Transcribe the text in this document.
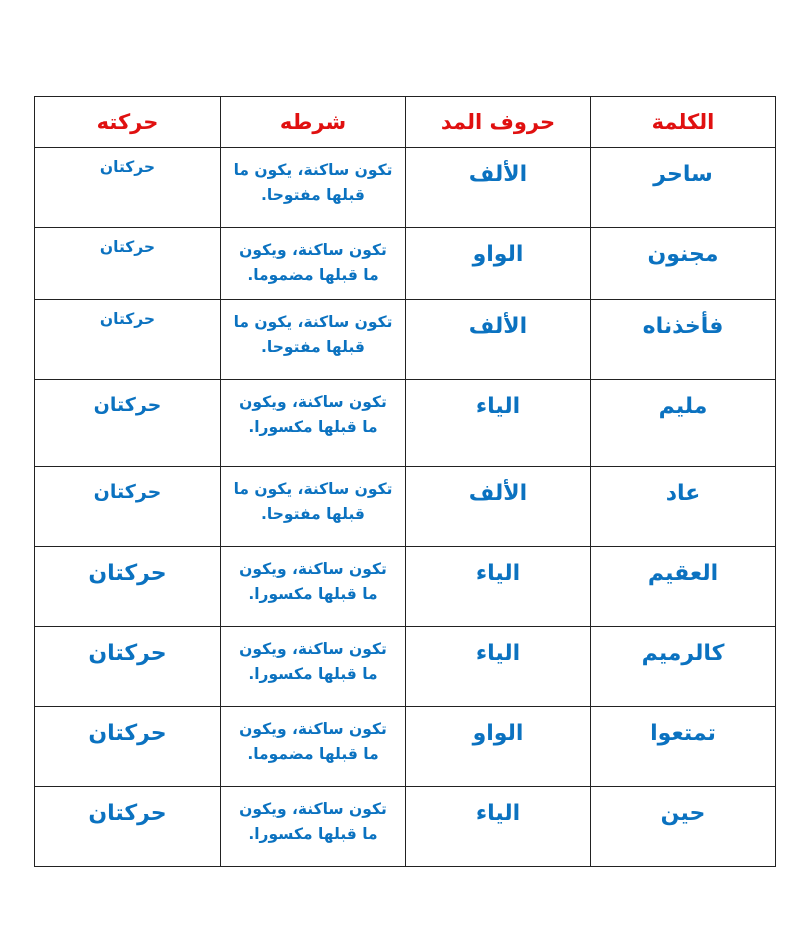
الكلمة	حروف المد	شرطه	حركته

ساحر	الألف	تكون ساكنة، يكون ما قبلها مفتوحا.	حركتان

مجنون	الواو	تكون ساكنة، ويكون ما قبلها مضموما.	حركتان

فأخذناه	الألف	تكون ساكنة، يكون ما قبلها مفتوحا.	حركتان

مليم	الياء	تكون ساكنة، ويكون ما قبلها مكسورا.	حركتان

عاد	الألف	تكون ساكنة، يكون ما قبلها مفتوحا.	حركتان

العقيم	الياء	تكون ساكنة، ويكون ما قبلها مكسورا.	حركتان

كالرميم	الياء	تكون ساكنة، ويكون ما قبلها مكسورا.	حركتان

تمتعوا	الواو	تكون ساكنة، ويكون ما قبلها مضموما.	حركتان

حين	الياء	تكون ساكنة، ويكون ما قبلها مكسورا.	حركتان
